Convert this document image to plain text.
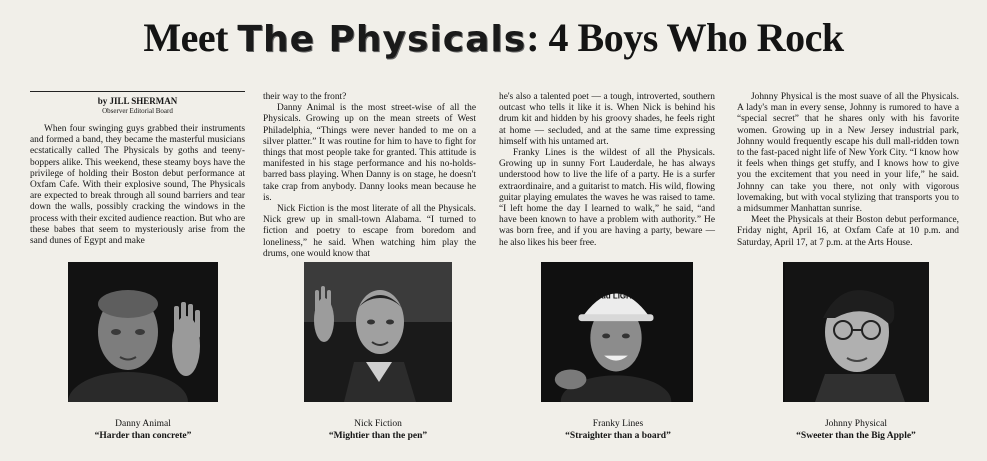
Meet The Physicals: 4 Boys Who Rock
by JILL SHERMAN
Observer Editorial Board

When four swinging guys grabbed their instruments and formed a band, they became the masterful musicians ecstatically called The Physicals by goths and teeny-boppers alike. This weekend, these steamy boys have the privilege of holding their Boston debut performance at Oxfam Cafe. With their explosive sound, The Physicals are expected to break through all sound barriers and tear down the walls, possibly cracking the windows in the process with their excited audience reaction. But who are these babes that seem to mysteriously arise from the sand dunes of Egypt and make

their way to the front?

Danny Animal is the most street-wise of all the Physicals. Growing up on the mean streets of West Philadelphia, “Things were never handed to me on a silver platter.” It was routine for him to have to fight for things that most people take for granted. This attitude is manifested in his stage performance and his no-holds- barred bass playing. When Danny is on stage, he doesn't take crap from anybody. Danny looks mean because he is.

Nick Fiction is the most literate of all the Physicals. Nick grew up in small-town Alabama. “I turned to fiction and poetry to escape from boredom and loneliness,” he said. When watching him play the drums, one would know that

he's also a talented poet — a tough, introverted, southern outcast who tells it like it is. When Nick is behind his drum kit and hidden by his groovy shades, he feels right at home — secluded, and at the same time expressing himself with his untamed art.

Franky Lines is the wildest of all the Physicals. Growing up in sunny Fort Lauderdale, he has always understood how to live the life of a party. He is a surfer extraordinaire, and a guitarist to match. His wild, flowing guitar playing emulates the waves he was raised to tame. “I left home the day I learned to walk,” he said, “and have been known to have a problem with authority.” He was born free, and if you are having a party, beware — he also likes his beer free.

Johnny Physical is the most suave of all the Physicals. A lady's man in every sense, Johnny is rumored to have a “special secret” that he shares only with his favorite women. Growing up in a New Jersey industrial park, Johnny would frequently escape his dull mall-ridden town to the fast-paced night life of New York City. “I know how it feels when things get stuffy, and I knows how to give you the excitement that you need in your life,” he said. Johnny can take you there, not only with vigorous lovemaking, but with vocal stylizing that transports you to a midsummer Manhattan sunrise.

Meet the Physicals at their Boston debut performance, Friday night, April 16, at Oxfam Cafe at 10 p.m. and Saturday, April 17, at 7 p.m. at the Arts House.

Bud LIGHT
Danny Animal
“Harder than concrete”
Nick Fiction
“Mightier than the pen”
Franky Lines
“Straighter than a board”
Johnny Physical
“Sweeter than the Big Apple”
